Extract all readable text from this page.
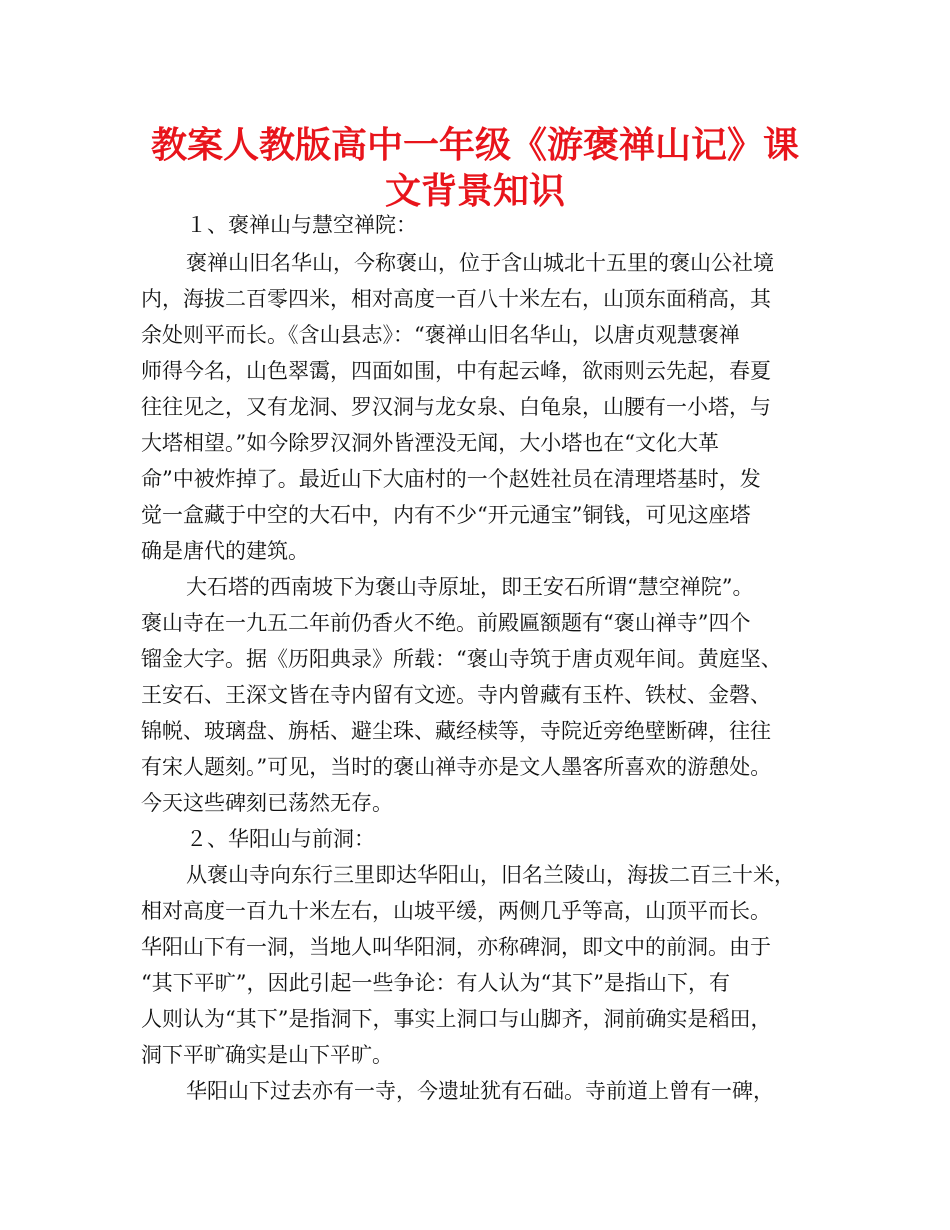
教案人教版高中一年级《游褒禅山记》课
文背景知识

１、褒禅山与慧空禅院：

褒禅山旧名华山，今称褒山，位于含山城北十五里的褒山公社境

内，海拔二百零四米，相对高度一百八十米左右，山顶东面稍高，其

余处则平而长。《含山县志》：“褒禅山旧名华山，以唐贞观慧褒禅

师得今名，山色翠霭，四面如围，中有起云峰，欲雨则云先起，春夏

往往见之，又有龙洞、罗汉洞与龙女泉、白龟泉，山腰有一小塔，与

大塔相望。”如今除罗汉洞外皆湮没无闻，大小塔也在“文化大革

命”中被炸掉了。最近山下大庙村的一个赵姓社员在清理塔基时，发

觉一盒藏于中空的大石中，内有不少“开元通宝”铜钱，可见这座塔

确是唐代的建筑。

大石塔的西南坡下为褒山寺原址，即王安石所谓“慧空禅院”。

褒山寺在一九五二年前仍香火不绝。前殿匾额题有“褒山禅寺”四个

镏金大字。据《历阳典录》所载：“褒山寺筑于唐贞观年间。黄庭坚、

王安石、王深文皆在寺内留有文迹。寺内曾藏有玉杵、铁杖、金磬、

锦帨、玻璃盘、旃栝、避尘珠、藏经椟等，寺院近旁绝壁断碑，往往

有宋人题刻。”可见，当时的褒山禅寺亦是文人墨客所喜欢的游憩处。

今天这些碑刻已荡然无存。

２、华阳山与前洞：

从褒山寺向东行三里即达华阳山，旧名兰陵山，海拔二百三十米，

相对高度一百九十米左右，山坡平缓，两侧几乎等高，山顶平而长。

华阳山下有一洞，当地人叫华阳洞，亦称碑洞，即文中的前洞。由于

“其下平旷”，因此引起一些争论：有人认为“其下”是指山下，有

人则认为“其下”是指洞下，事实上洞口与山脚齐，洞前确实是稻田，

洞下平旷确实是山下平旷。

华阳山下过去亦有一寺，今遗址犹有石础。寺前道上曾有一碑，
